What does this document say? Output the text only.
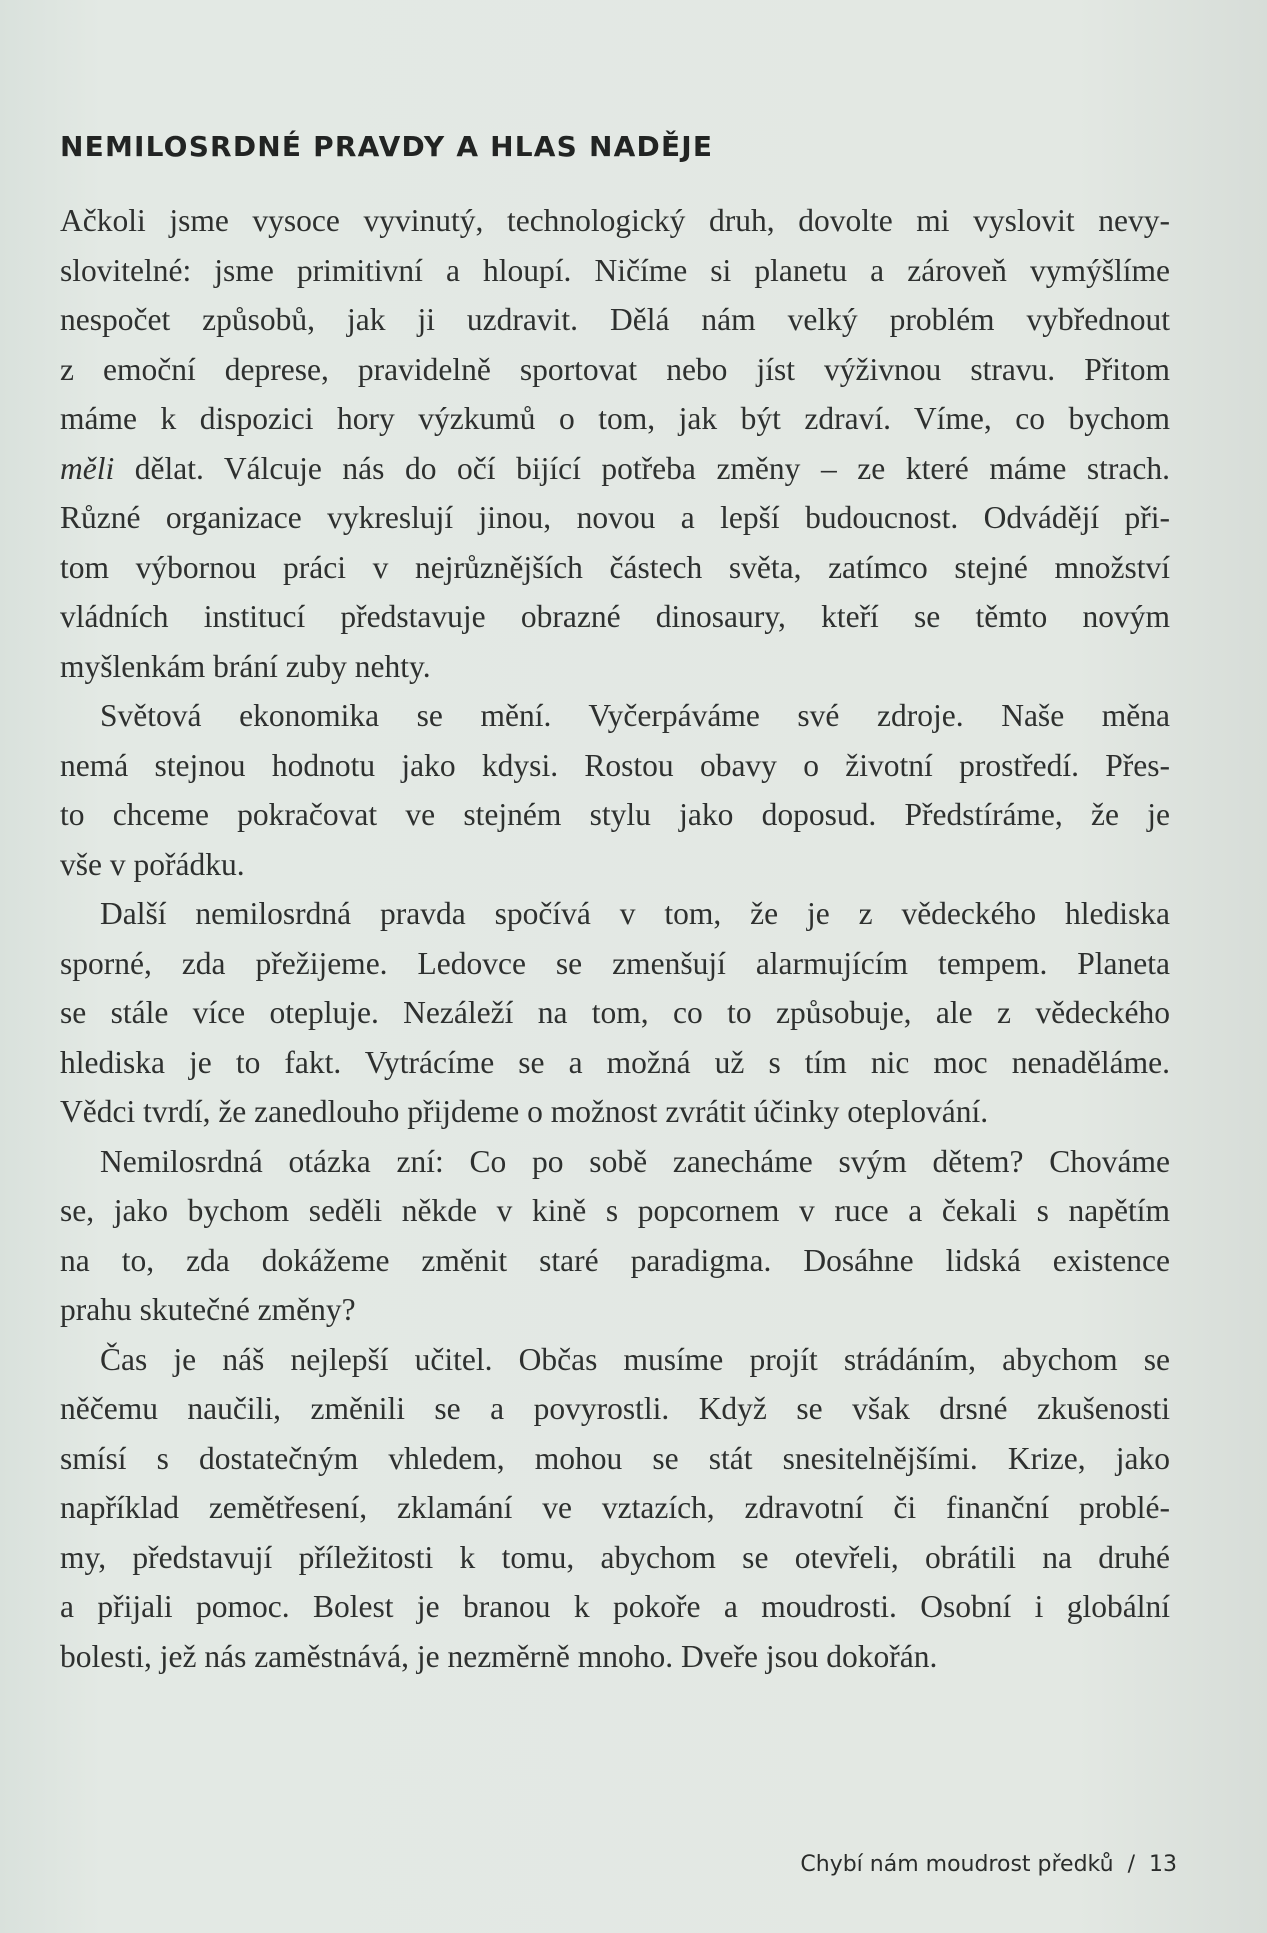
NEMILOSRDNÉ PRAVDY A HLAS NADĚJE
Ačkoli jsme vysoce vyvinutý, technologický druh, dovolte mi vyslovit nevy-
slovitelné: jsme primitivní a hloupí. Ničíme si planetu a zároveň vymýšlíme
nespočet způsobů, jak ji uzdravit. Dělá nám velký problém vybřednout
z emoční deprese, pravidelně sportovat nebo jíst výživnou stravu. Přitom
máme k dispozici hory výzkumů o tom, jak být zdraví. Víme, co bychom
měli dělat. Válcuje nás do očí bijící potřeba změny – ze které máme strach.
Různé organizace vykreslují jinou, novou a lepší budoucnost. Odvádějí při-
tom výbornou práci v nejrůznějších částech světa, zatímco stejné množství
vládních institucí představuje obrazné dinosaury, kteří se těmto novým
myšlenkám brání zuby nehty.
Světová ekonomika se mění. Vyčerpáváme své zdroje. Naše měna
nemá stejnou hodnotu jako kdysi. Rostou obavy o životní prostředí. Přes-
to chceme pokračovat ve stejném stylu jako doposud. Předstíráme, že je
vše v pořádku.
Další nemilosrdná pravda spočívá v tom, že je z vědeckého hlediska
sporné, zda přežijeme. Ledovce se zmenšují alarmujícím tempem. Planeta
se stále více otepluje. Nezáleží na tom, co to způsobuje, ale z vědeckého
hlediska je to fakt. Vytrácíme se a možná už s tím nic moc nenaděláme.
Vědci tvrdí, že zanedlouho přijdeme o možnost zvrátit účinky oteplování.
Nemilosrdná otázka zní: Co po sobě zanecháme svým dětem? Chováme
se, jako bychom seděli někde v kině s popcornem v ruce a čekali s napětím
na to, zda dokážeme změnit staré paradigma. Dosáhne lidská existence
prahu skutečné změny?
Čas je náš nejlepší učitel. Občas musíme projít strádáním, abychom se
něčemu naučili, změnili se a povyrostli. Když se však drsné zkušenosti
smísí s dostatečným vhledem, mohou se stát snesitelnějšími. Krize, jako
například zemětřesení, zklamání ve vztazích, zdravotní či finanční problé-
my, představují příležitosti k tomu, abychom se otevřeli, obrátili na druhé
a přijali pomoc. Bolest je branou k pokoře a moudrosti. Osobní i globální
bolesti, jež nás zaměstnává, je nezměrně mnoho. Dveře jsou dokořán.
Chybí nám moudrost předků / 13
